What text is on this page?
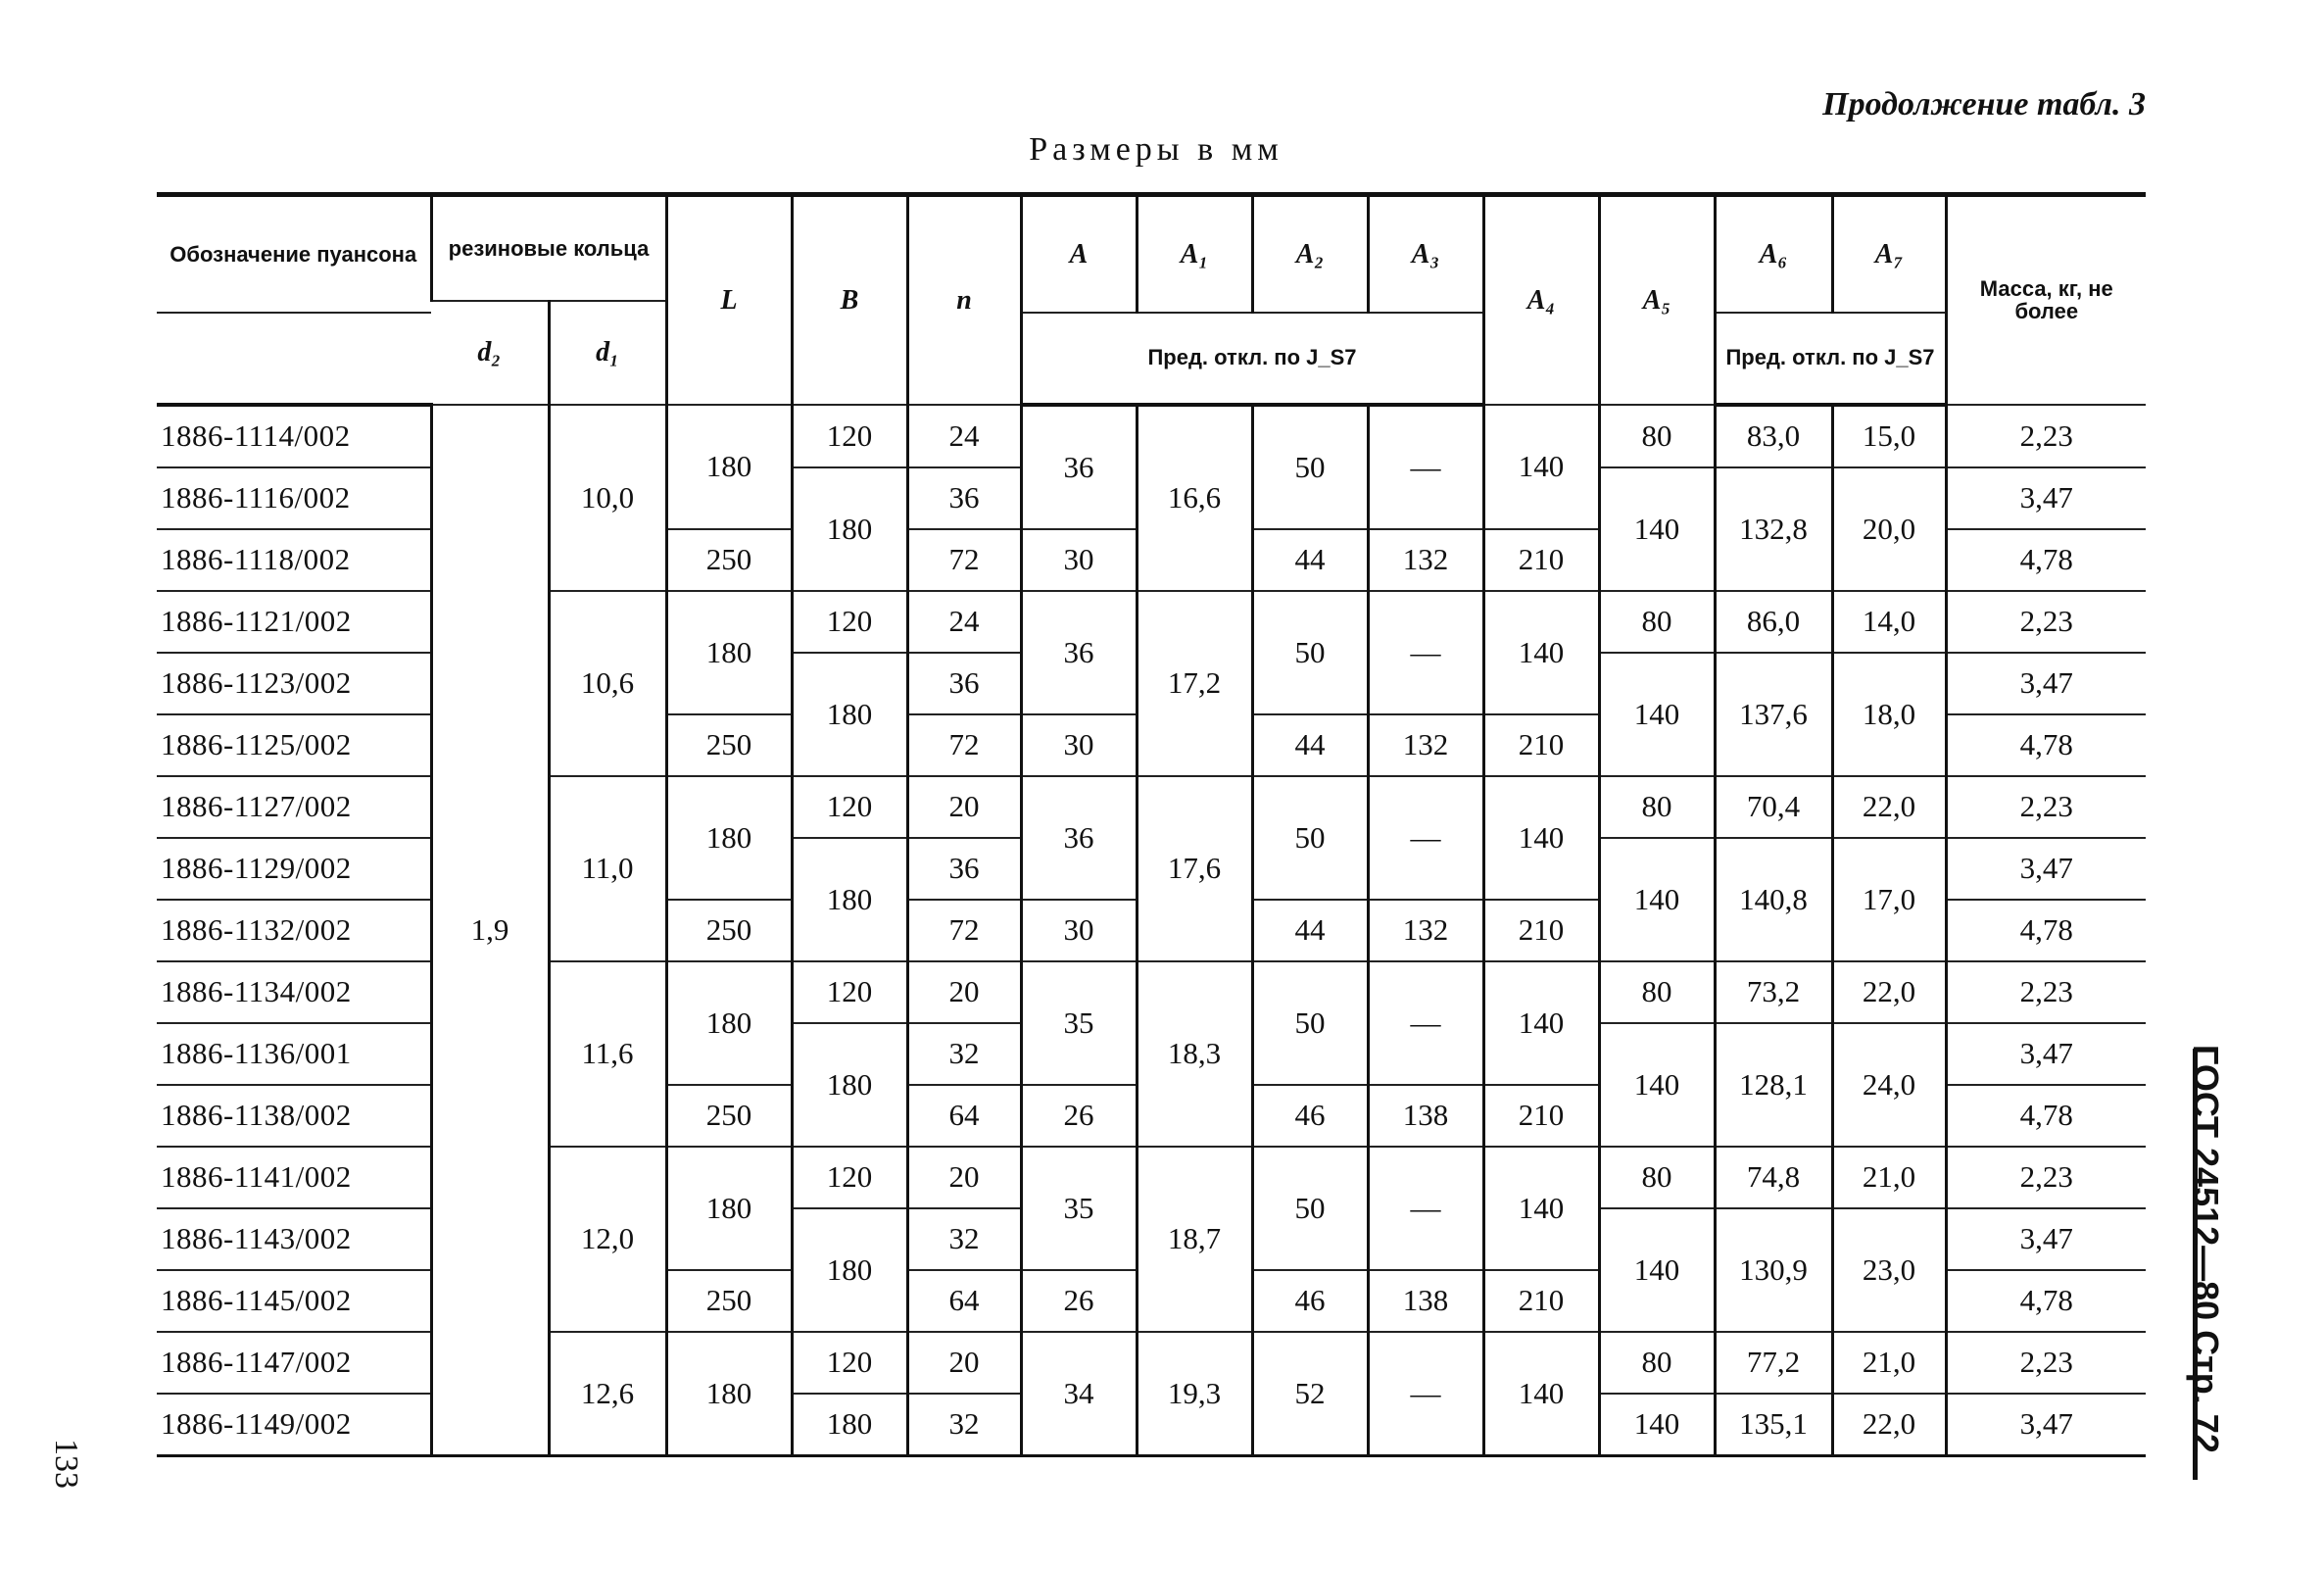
Продолжение табл. 3
Размеры в мм
Обозначение пуансона	резиновые кольца		L	B	n	A	A₁	A₂	A₃	A₄	A₅	A₆	A₇	Масса, кг, не более
	d₂	d₁												
						Пред. откл. по J_S7						Пред. откл. по J_S7		
1886-1114/002	1,9	10,0	180	120	24	36	16,6	50	—	140	80	83,0	15,0	2,23
1886-1116/002				180	36						140	132,8	20,0	3,47
1886-1118/002			250		72	30		44	132	210				4,78
1886-1121/002		10,6	180	120	24	36	17,2	50	—	140	80	86,0	14,0	2,23
1886-1123/002				180	36						140	137,6	18,0	3,47
1886-1125/002			250		72	30		44	132	210				4,78
1886-1127/002		11,0	180	120	20	36	17,6	50	—	140	80	70,4	22,0	2,23
1886-1129/002				180	36						140	140,8	17,0	3,47
1886-1132/002			250		72	30		44	132	210				4,78
1886-1134/002		11,6	180	120	20	35	18,3	50	—	140	80	73,2	22,0	2,23
1886-1136/001				180	32						140	128,1	24,0	3,47
1886-1138/002			250		64	26		46	138	210				4,78
1886-1141/002		12,0	180	120	20	35	18,7	50	—	140	80	74,8	21,0	2,23
1886-1143/002				180	32						140	130,9	23,0	3,47
1886-1145/002			250		64	26		46	138	210				4,78
1886-1147/002		12,6	180	120	20	34	19,3	52	—	140	80	77,2	21,0	2,23
1886-1149/002				180	32						140	135,1	22,0	3,47
133
ГОСТ 24512—80 Стр. 72
